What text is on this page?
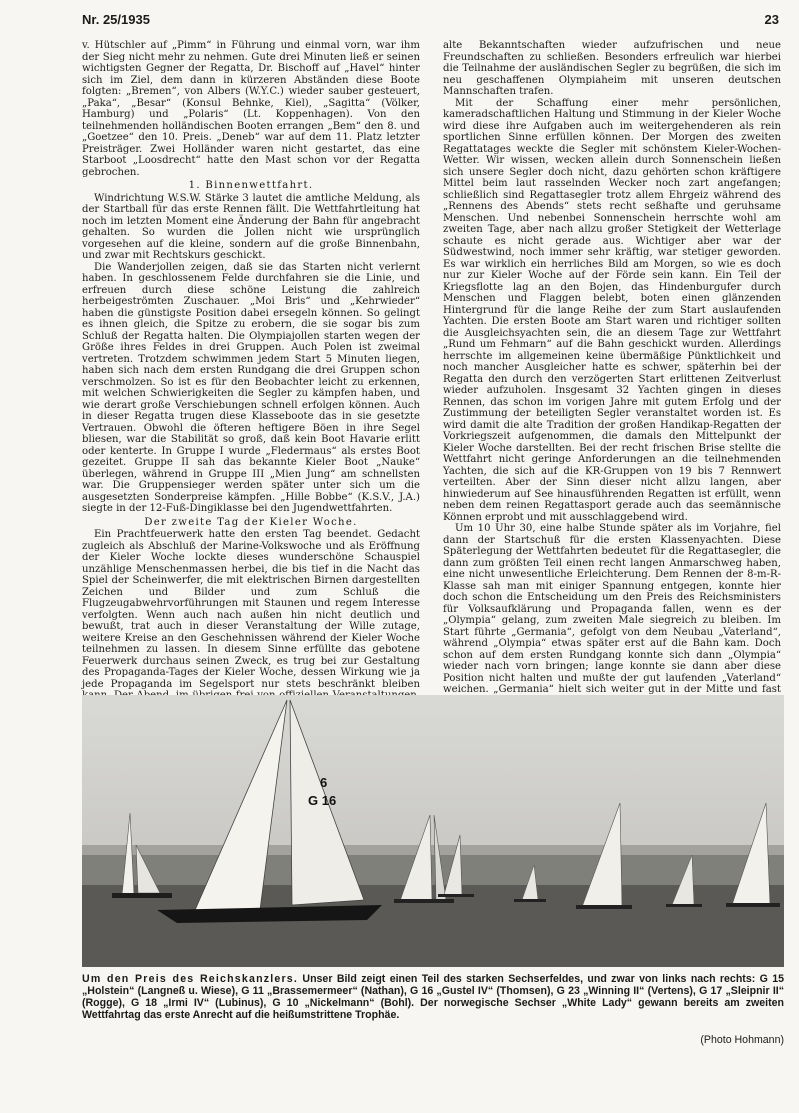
Nr. 25/1935	23

v. Hütschler auf „Pimm“ in Führung und einmal vorn, war ihm der Sieg nicht mehr zu nehmen. Gute drei Minuten ließ er seinen wichtigsten Gegner der Regatta, Dr. Bischoff auf „Havel“ hinter sich im Ziel, dem dann in kürzeren Abständen diese Boote folgten: „Bremen“, von Albers (W.Y.C.) wieder sauber gesteuert, „Paka“, „Besar“ (Konsul Behnke, Kiel), „Sagitta“ (Völker, Hamburg) und „Polaris“ (Lt. Koppenhagen). Von den teilnehmenden holländischen Booten errangen „Bem“ den 8. und „Goetzee“ den 10. Preis. „Deneb“ war auf dem 11. Platz letzter Preisträger. Zwei Holländer waren nicht gestartet, das eine Starboot „Loosdrecht“ hatte den Mast schon vor der Regatta gebrochen.

1. Binnenwettfahrt.

Windrichtung W.S.W. Stärke 3 lautet die amtliche Meldung, als der Startball für das erste Rennen fällt. Die Wettfahrtleitung hat noch im letzten Moment eine Änderung der Bahn für angebracht gehalten. So wurden die Jollen nicht wie ursprünglich vorgesehen auf die kleine, sondern auf die große Binnenbahn, und zwar mit Rechtskurs geschickt.

Die Wanderjollen zeigen, daß sie das Starten nicht verlernt haben. In geschlossenem Felde durchfahren sie die Linie, und erfreuen durch diese schöne Leistung die zahlreich herbeigeströmten Zuschauer. „Moi Bris“ und „Kehrwieder“ haben die günstigste Position dabei ersegeln können. So gelingt es ihnen gleich, die Spitze zu erobern, die sie sogar bis zum Schluß der Regatta halten. Die Olympiajollen starten wegen der Größe ihres Feldes in drei Gruppen. Auch Polen ist zweimal vertreten. Trotzdem schwimmen jedem Start 5 Minuten liegen, haben sich nach dem ersten Rundgang die drei Gruppen schon verschmolzen. So ist es für den Beobachter leicht zu erkennen, mit welchen Schwierigkeiten die Segler zu kämpfen haben, und wie derart große Verschiebungen schnell erfolgen können. Auch in dieser Regatta trugen diese Klasseboote das in sie gesetzte Vertrauen. Obwohl die öfteren heftigere Böen in ihre Segel bliesen, war die Stabilität so groß, daß kein Boot Havarie erlitt oder kenterte. In Gruppe I wurde „Fledermaus“ als erstes Boot gezeitet. Gruppe II sah das bekannte Kieler Boot „Nauke“ überlegen, während in Gruppe III „Mien Jung“ am schnellsten war. Die Gruppensieger werden später unter sich um die ausgesetzten Sonderpreise kämpfen. „Hille Bobbe“ (K.S.V., J.A.) siegte in der 12-Fuß-Dingiklasse bei den Jugendwettfahrten.

Der zweite Tag der Kieler Woche.

Ein Prachtfeuerwerk hatte den ersten Tag beendet. Gedacht zugleich als Abschluß der Marine-Volkswoche und als Eröffnung der Kieler Woche lockte dieses wunderschöne Schauspiel unzählige Menschenmassen herbei, die bis tief in die Nacht das Spiel der Scheinwerfer, die mit elektrischen Birnen dargestellten Zeichen und Bilder und zum Schluß die Flugzeugabwehrvorführungen mit Staunen und regem Interesse verfolgten. Wenn auch nach außen hin nicht deutlich und bewußt, trat auch in dieser Veranstaltung der Wille zutage, weitere Kreise an den Geschehnissen während der Kieler Woche teilnehmen zu lassen. In diesem Sinne erfüllte das gebotene Feuerwerk durchaus seinen Zweck, es trug bei zur Gestaltung des Propaganda-Tages der Kieler Woche, dessen Wirkung wie ja jede Propaganda im Segelsport nur stets beschränkt bleiben

alte Bekanntschaften wieder aufzufrischen und neue Freundschaften zu schließen. Besonders erfreulich war hierbei die Teilnahme der ausländischen Segler zu begrüßen, die sich im neu geschaffenen Olympiaheim mit unseren deutschen Mannschaften trafen.

Mit der Schaffung einer mehr persönlichen, kameradschaftlichen Haltung und Stimmung in der Kieler Woche wird diese ihre Aufgaben auch im weitergehenderen als rein sportlichen Sinne erfüllen können. Der Morgen des zweiten Regattatages weckte die Segler mit schönstem Kieler-Wochen-Wetter. Wir wissen, wecken allein durch Sonnenschein ließen sich unsere Segler doch nicht, dazu gehörten schon kräftigere Mittel beim laut rasselnden Wecker noch zart angefangen; schließlich sind Regattasegler trotz allem Ehrgeiz während des „Rennens des Abends“ stets recht seßhafte und geruhsame Menschen. Und nebenbei Sonnenschein herrschte wohl am zweiten Tage, aber nach allzu großer Stetigkeit der Wetterlage schaute es nicht gerade aus. Wichtiger aber war der Südwestwind, noch immer sehr kräftig, war stetiger geworden. Es war wirklich ein herrliches Bild am Morgen, so wie es doch nur zur Kieler Woche auf der Förde sein kann. Ein Teil der Kriegsflotte lag an den Bojen, das Hindenburgufer durch Menschen und Flaggen belebt, boten einen glänzenden Hintergrund für die lange Reihe der zum Start auslaufenden Yachten. Die ersten Boote am Start waren und richtiger sollten die Ausgleichsyachten sein, die an diesem Tage zur Wettfahrt „Rund um Fehmarn“ auf die Bahn geschickt wurden. Allerdings herrschte im allgemeinen keine übermäßige Pünktlichkeit und noch mancher Ausgleicher hatte es schwer, späterhin bei der Regatta den durch den verzögerten Start erlittenen Zeitverlust wieder aufzuholen. Insgesamt 32 Yachten gingen in dieses Rennen, das schon im vorigen Jahre mit gutem Erfolg und der Zustimmung der beteiligten Segler veranstaltet worden ist. Es wird damit die alte Tradition der großen Handikap-Regatten der Vorkriegszeit aufgenommen, die damals den Mittelpunkt der Kieler Woche darstellten. Bei der recht frischen Brise stellte die Wettfahrt nicht geringe Anforderungen an die teilnehmenden Yachten, die sich auf die KR-Gruppen von 19 bis 7 Rennwert verteilten. Aber der Sinn dieser nicht allzu langen, aber hinwiederum auf See hinausführenden Regatten ist erfüllt, wenn neben dem reinen Regattasport gerade auch das seemännische Können erprobt und mit ausschlaggebend wird.

Um 10 Uhr 30, eine halbe Stunde später als im Vorjahre, fiel dann der Startschuß für die ersten Klassenyachten. Diese Späterlegung der Wettfahrten bedeutet für die Regattasegler, die dann zum größten Teil einen recht langen Anmarschweg haben, eine nicht unwesentliche Erleichterung. Dem Rennen der 8-m-R-Klasse sah man mit einiger Spannung entgegen, konnte hier doch schon die Entscheidung um den Preis des Reichsministers für Volksaufklärung und Propaganda fallen, wenn es der „Olympia“ gelang, zum zweiten Male siegreich zu bleiben. Im Start führte „Germania“, gefolgt von dem Neubau „Vaterland“, während „Olympia“ etwas später erst auf die Bahn kam. Doch schon auf dem ersten Rundgang konnte sich dann „Olympia“ wieder nach vorn bringen; lange konnte sie dann aber diese Position nicht halten und mußte der gut laufenden „Vaterland“ weichen. „Germania“ hielt sich weiter gut in der Mitte und fast

6
G 16
Um den Preis des Reichskanzlers. Unser Bild zeigt einen Teil des starken Sechserfeldes, und zwar von links nach rechts: G 15 „Holstein“ (Langneß u. Wiese), G 11 „Brassemermeer“ (Nathan), G 16 „Gustel IV“ (Thomsen), G 23 „Winning II“ (Vertens), G 17 „Sleipnir II“ (Rogge), G 18 „Irmi IV“ (Lubinus), G 10 „Nickelmann“ (Bohl). Der norwegische Sechser „White Lady“ gewann bereits am zweiten Wettfahrtag das erste Anrecht auf die heißumstrittene Trophäe.
(Photo Hohmann)
